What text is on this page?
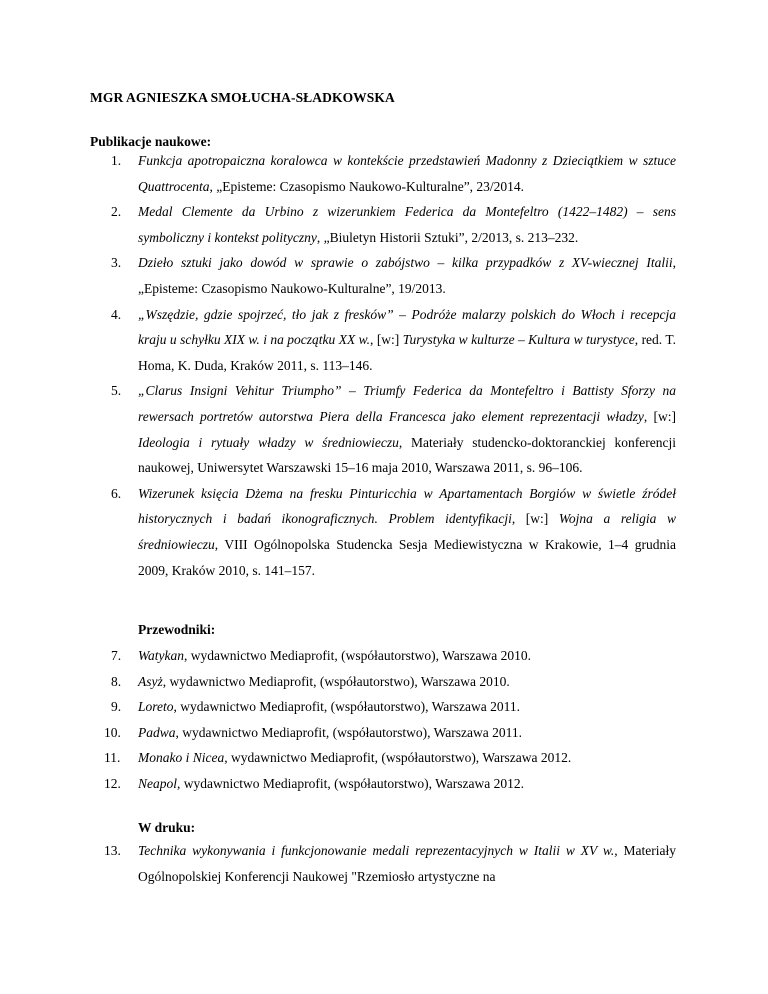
MGR AGNIESZKA SMOŁUCHA-SŁADKOWSKA
Publikacje naukowe:
1. Funkcja apotropaiczna koralowca w kontekście przedstawień Madonny z Dzieciątkiem w sztuce Quattrocenta, „Episteme: Czasopismo Naukowo-Kulturalne”, 23/2014.
2. Medal Clemente da Urbino z wizerunkiem Federica da Montefeltro (1422–1482) – sens symboliczny i kontekst polityczny, „Biuletyn Historii Sztuki”, 2/2013, s. 213–232.
3. Dzieło sztuki jako dowód w sprawie o zabójstwo – kilka przypadków z XV-wiecznej Italii, „Episteme: Czasopismo Naukowo-Kulturalne”, 19/2013.
4. „Wszędzie, gdzie spojrzeć, tło jak z fresków” – Podróże malarzy polskich do Włoch i recepcja kraju u schyłku XIX w. i na początku XX w., [w:] Turystyka w kulturze – Kultura w turystyce, red. T. Homa, K. Duda, Kraków 2011, s. 113–146.
5. „Clarus Insigni Vehitur Triumpho” – Triumfy Federica da Montefeltro i Battisty Sforzy na rewersach portretów autorstwa Piera della Francesca jako element reprezentacji władzy, [w:] Ideologia i rytuały władzy w średniowieczu, Materiały studencko-doktoranckiej konferencji naukowej, Uniwersytet Warszawski 15–16 maja 2010, Warszawa 2011, s. 96–106.
6. Wizerunek księcia Dżema na fresku Pinturicchia w Apartamentach Borgiów w świetle źródeł historycznych i badań ikonograficznych. Problem identyfikacji, [w:] Wojna a religia w średniowieczu, VIII Ogólnopolska Studencka Sesja Mediewistyczna w Krakowie, 1–4 grudnia 2009, Kraków 2010, s. 141–157.
Przewodniki:
7. Watykan, wydawnictwo Mediaprofit, (współautorstwo), Warszawa 2010.
8. Asyż, wydawnictwo Mediaprofit, (współautorstwo), Warszawa 2010.
9. Loreto, wydawnictwo Mediaprofit, (współautorstwo), Warszawa 2011.
10. Padwa, wydawnictwo Mediaprofit, (współautorstwo), Warszawa 2011.
11. Monako i Nicea, wydawnictwo Mediaprofit, (współautorstwo), Warszawa 2012.
12. Neapol, wydawnictwo Mediaprofit, (współautorstwo), Warszawa 2012.
W druku:
13. Technika wykonywania i funkcjonowanie medali reprezentacyjnych w Italii w XV w., Materiały Ogólnopolskiej Konferencji Naukowej "Rzemiosło artystyczne na
